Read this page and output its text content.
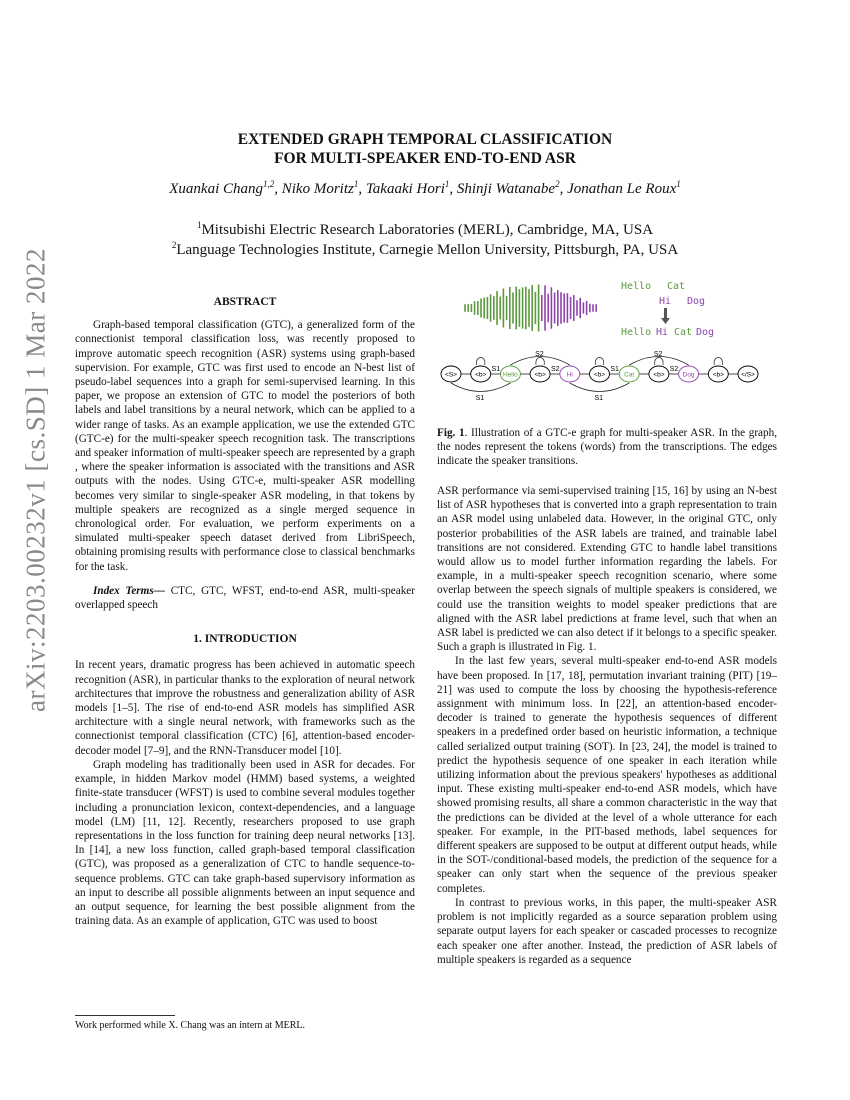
arXiv:2203.00232v1 [cs.SD] 1 Mar 2022
EXTENDED GRAPH TEMPORAL CLASSIFICATION
FOR MULTI-SPEAKER END-TO-END ASR
Xuankai Chang$^{1,2}$, Niko Moritz$^1$, Takaaki Hori$^1$, Shinji Watanabe$^2$, Jonathan Le Roux$^1$
$^1$Mitsubishi Electric Research Laboratories (MERL), Cambridge, MA, USA
$^2$Language Technologies Institute, Carnegie Mellon University, Pittsburgh, PA, USA

ABSTRACT

Graph-based temporal classification (GTC), a generalized form of the connectionist temporal classification loss, was recently proposed to improve automatic speech recognition (ASR) systems using graph-based supervision. For example, GTC was first used to encode an N-best list of pseudo-label sequences into a graph for semi-supervised learning. In this paper, we propose an extension of GTC to model the posteriors of both labels and label transitions by a neural network, which can be applied to a wider range of tasks. As an example application, we use the extended GTC (GTC-e) for the multi-speaker speech recognition task. The transcriptions and speaker information of multi-speaker speech are represented by a graph , where the speaker information is associated with the transitions and ASR outputs with the nodes. Using GTC-e, multi-speaker ASR modelling becomes very similar to single-speaker ASR modeling, in that tokens by multiple speakers are recognized as a single merged sequence in chronological order. For evaluation, we perform experiments on a simulated multi-speaker speech dataset derived from LibriSpeech, obtaining promising results with performance close to classical benchmarks for the task.

Index Terms— CTC, GTC, WFST, end-to-end ASR, multi-speaker overlapped speech

1. INTRODUCTION

In recent years, dramatic progress has been achieved in automatic speech recognition (ASR), in particular thanks to the exploration of neural network architectures that improve the robustness and generalization ability of ASR models [1–5]. The rise of end-to-end ASR models has simplified ASR architecture with a single neural network, with frameworks such as the connectionist temporal classification (CTC) [6], attention-based encoder-decoder model [7–9], and the RNN-Transducer model [10].

Graph modeling has traditionally been used in ASR for decades. For example, in hidden Markov model (HMM) based systems, a weighted finite-state transducer (WFST) is used to combine several modules together including a pronunciation lexicon, context-dependencies, and a language model (LM) [11, 12]. Recently, researchers proposed to use graph representations in the loss function for training deep neural networks [13]. In [14], a new loss function, called graph-based temporal classification (GTC), was proposed as a generalization of CTC to handle sequence-to-sequence problems. GTC can take graph-based supervisory information as an input to describe all possible alignments between an input sequence and an output sequence, for learning the best possible alignment from the training data. As an example of application, GTC was used to boost

Work performed while X. Chang was an intern at MERL.
Hello Cat
Hi Dog
Hello Hi Cat Dog
S2	S2
S1	S1
S1	S2	S1	S2
<S>	<b>	Hello	<b>	Hi	<b>	Cat	<b>	Dog	<b>	</S>
Fig. 1. Illustration of a GTC-e graph for multi-speaker ASR. In the graph, the nodes represent the tokens (words) from the transcriptions. The edges indicate the speaker transitions.

ASR performance via semi-supervised training [15, 16] by using an N-best list of ASR hypotheses that is converted into a graph representation to train an ASR model using unlabeled data. However, in the original GTC, only posterior probabilities of the ASR labels are trained, and trainable label transitions are not considered. Extending GTC to handle label transitions would allow us to model further information regarding the labels. For example, in a multi-speaker speech recognition scenario, where some overlap between the speech signals of multiple speakers is considered, we could use the transition weights to model speaker predictions that are aligned with the ASR label predictions at frame level, such that when an ASR label is predicted we can also detect if it belongs to a specific speaker. Such a graph is illustrated in Fig. 1.

In the last few years, several multi-speaker end-to-end ASR models have been proposed. In [17, 18], permutation invariant training (PIT) [19–21] was used to compute the loss by choosing the hypothesis-reference assignment with minimum loss. In [22], an attention-based encoder-decoder is trained to generate the hypothesis sequences of different speakers in a predefined order based on heuristic information, a technique called serialized output training (SOT). In [23, 24], the model is trained to predict the hypothesis sequence of one speaker in each iteration while utilizing information about the previous speakers' hypotheses as additional input. These existing multi-speaker end-to-end ASR models, which have showed promising results, all share a common characteristic in the way that the predictions can be divided at the level of a whole utterance for each speaker. For example, in the PIT-based methods, label sequences for different speakers are supposed to be output at different output heads, while in the SOT-/conditional-based models, the prediction of the sequence for a speaker can only start when the sequence of the previous speaker completes.

In contrast to previous works, in this paper, the multi-speaker ASR problem is not implicitly regarded as a source separation problem using separate output layers for each speaker or cascaded processes to recognize each speaker one after another. Instead, the prediction of ASR labels of multiple speakers is regarded as a sequence
